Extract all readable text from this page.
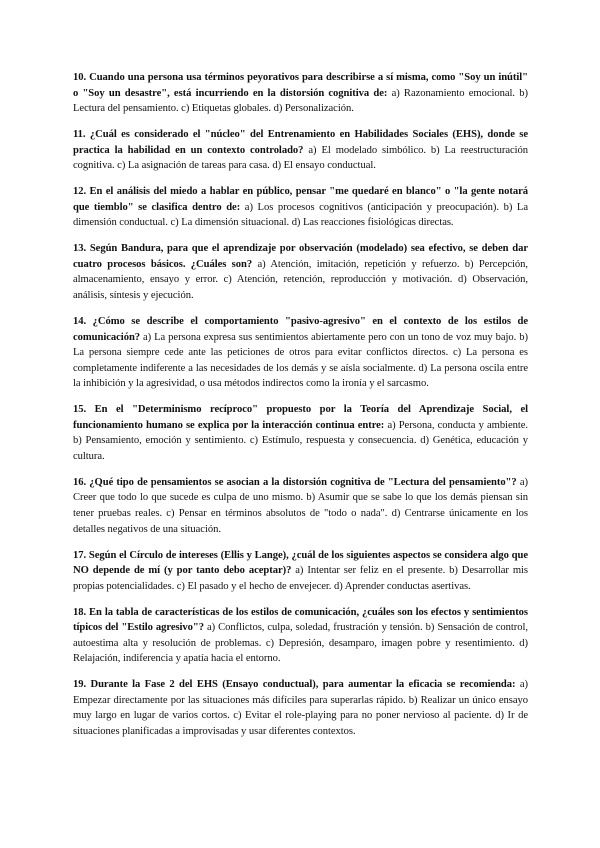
10. Cuando una persona usa términos peyorativos para describirse a sí misma, como "Soy un inútil" o "Soy un desastre", está incurriendo en la distorsión cognitiva de: a) Razonamiento emocional. b) Lectura del pensamiento. c) Etiquetas globales. d) Personalización.

11. ¿Cuál es considerado el "núcleo" del Entrenamiento en Habilidades Sociales (EHS), donde se practica la habilidad en un contexto controlado? a) El modelado simbólico. b) La reestructuración cognitiva. c) La asignación de tareas para casa. d) El ensayo conductual.

12. En el análisis del miedo a hablar en público, pensar "me quedaré en blanco" o "la gente notará que tiemblo" se clasifica dentro de: a) Los procesos cognitivos (anticipación y preocupación). b) La dimensión conductual. c) La dimensión situacional. d) Las reacciones fisiológicas directas.

13. Según Bandura, para que el aprendizaje por observación (modelado) sea efectivo, se deben dar cuatro procesos básicos. ¿Cuáles son? a) Atención, imitación, repetición y refuerzo. b) Percepción, almacenamiento, ensayo y error. c) Atención, retención, reproducción y motivación. d) Observación, análisis, síntesis y ejecución.

14. ¿Cómo se describe el comportamiento "pasivo-agresivo" en el contexto de los estilos de comunicación? a) La persona expresa sus sentimientos abiertamente pero con un tono de voz muy bajo. b) La persona siempre cede ante las peticiones de otros para evitar conflictos directos. c) La persona es completamente indiferente a las necesidades de los demás y se aísla socialmente. d) La persona oscila entre la inhibición y la agresividad, o usa métodos indirectos como la ironía y el sarcasmo.

15. En el "Determinismo recíproco" propuesto por la Teoría del Aprendizaje Social, el funcionamiento humano se explica por la interacción continua entre: a) Persona, conducta y ambiente. b) Pensamiento, emoción y sentimiento. c) Estímulo, respuesta y consecuencia. d) Genética, educación y cultura.

16. ¿Qué tipo de pensamientos se asocian a la distorsión cognitiva de "Lectura del pensamiento"? a) Creer que todo lo que sucede es culpa de uno mismo. b) Asumir que se sabe lo que los demás piensan sin tener pruebas reales. c) Pensar en términos absolutos de "todo o nada". d) Centrarse únicamente en los detalles negativos de una situación.

17. Según el Círculo de intereses (Ellis y Lange), ¿cuál de los siguientes aspectos se considera algo que NO depende de mí (y por tanto debo aceptar)? a) Intentar ser feliz en el presente. b) Desarrollar mis propias potencialidades. c) El pasado y el hecho de envejecer. d) Aprender conductas asertivas.

18. En la tabla de características de los estilos de comunicación, ¿cuáles son los efectos y sentimientos típicos del "Estilo agresivo"? a) Conflictos, culpa, soledad, frustración y tensión. b) Sensación de control, autoestima alta y resolución de problemas. c) Depresión, desamparo, imagen pobre y resentimiento. d) Relajación, indiferencia y apatía hacia el entorno.

19. Durante la Fase 2 del EHS (Ensayo conductual), para aumentar la eficacia se recomienda: a) Empezar directamente por las situaciones más difíciles para superarlas rápido. b) Realizar un único ensayo muy largo en lugar de varios cortos. c) Evitar el role-playing para no poner nervioso al paciente. d) Ir de situaciones planificadas a improvisadas y usar diferentes contextos.
